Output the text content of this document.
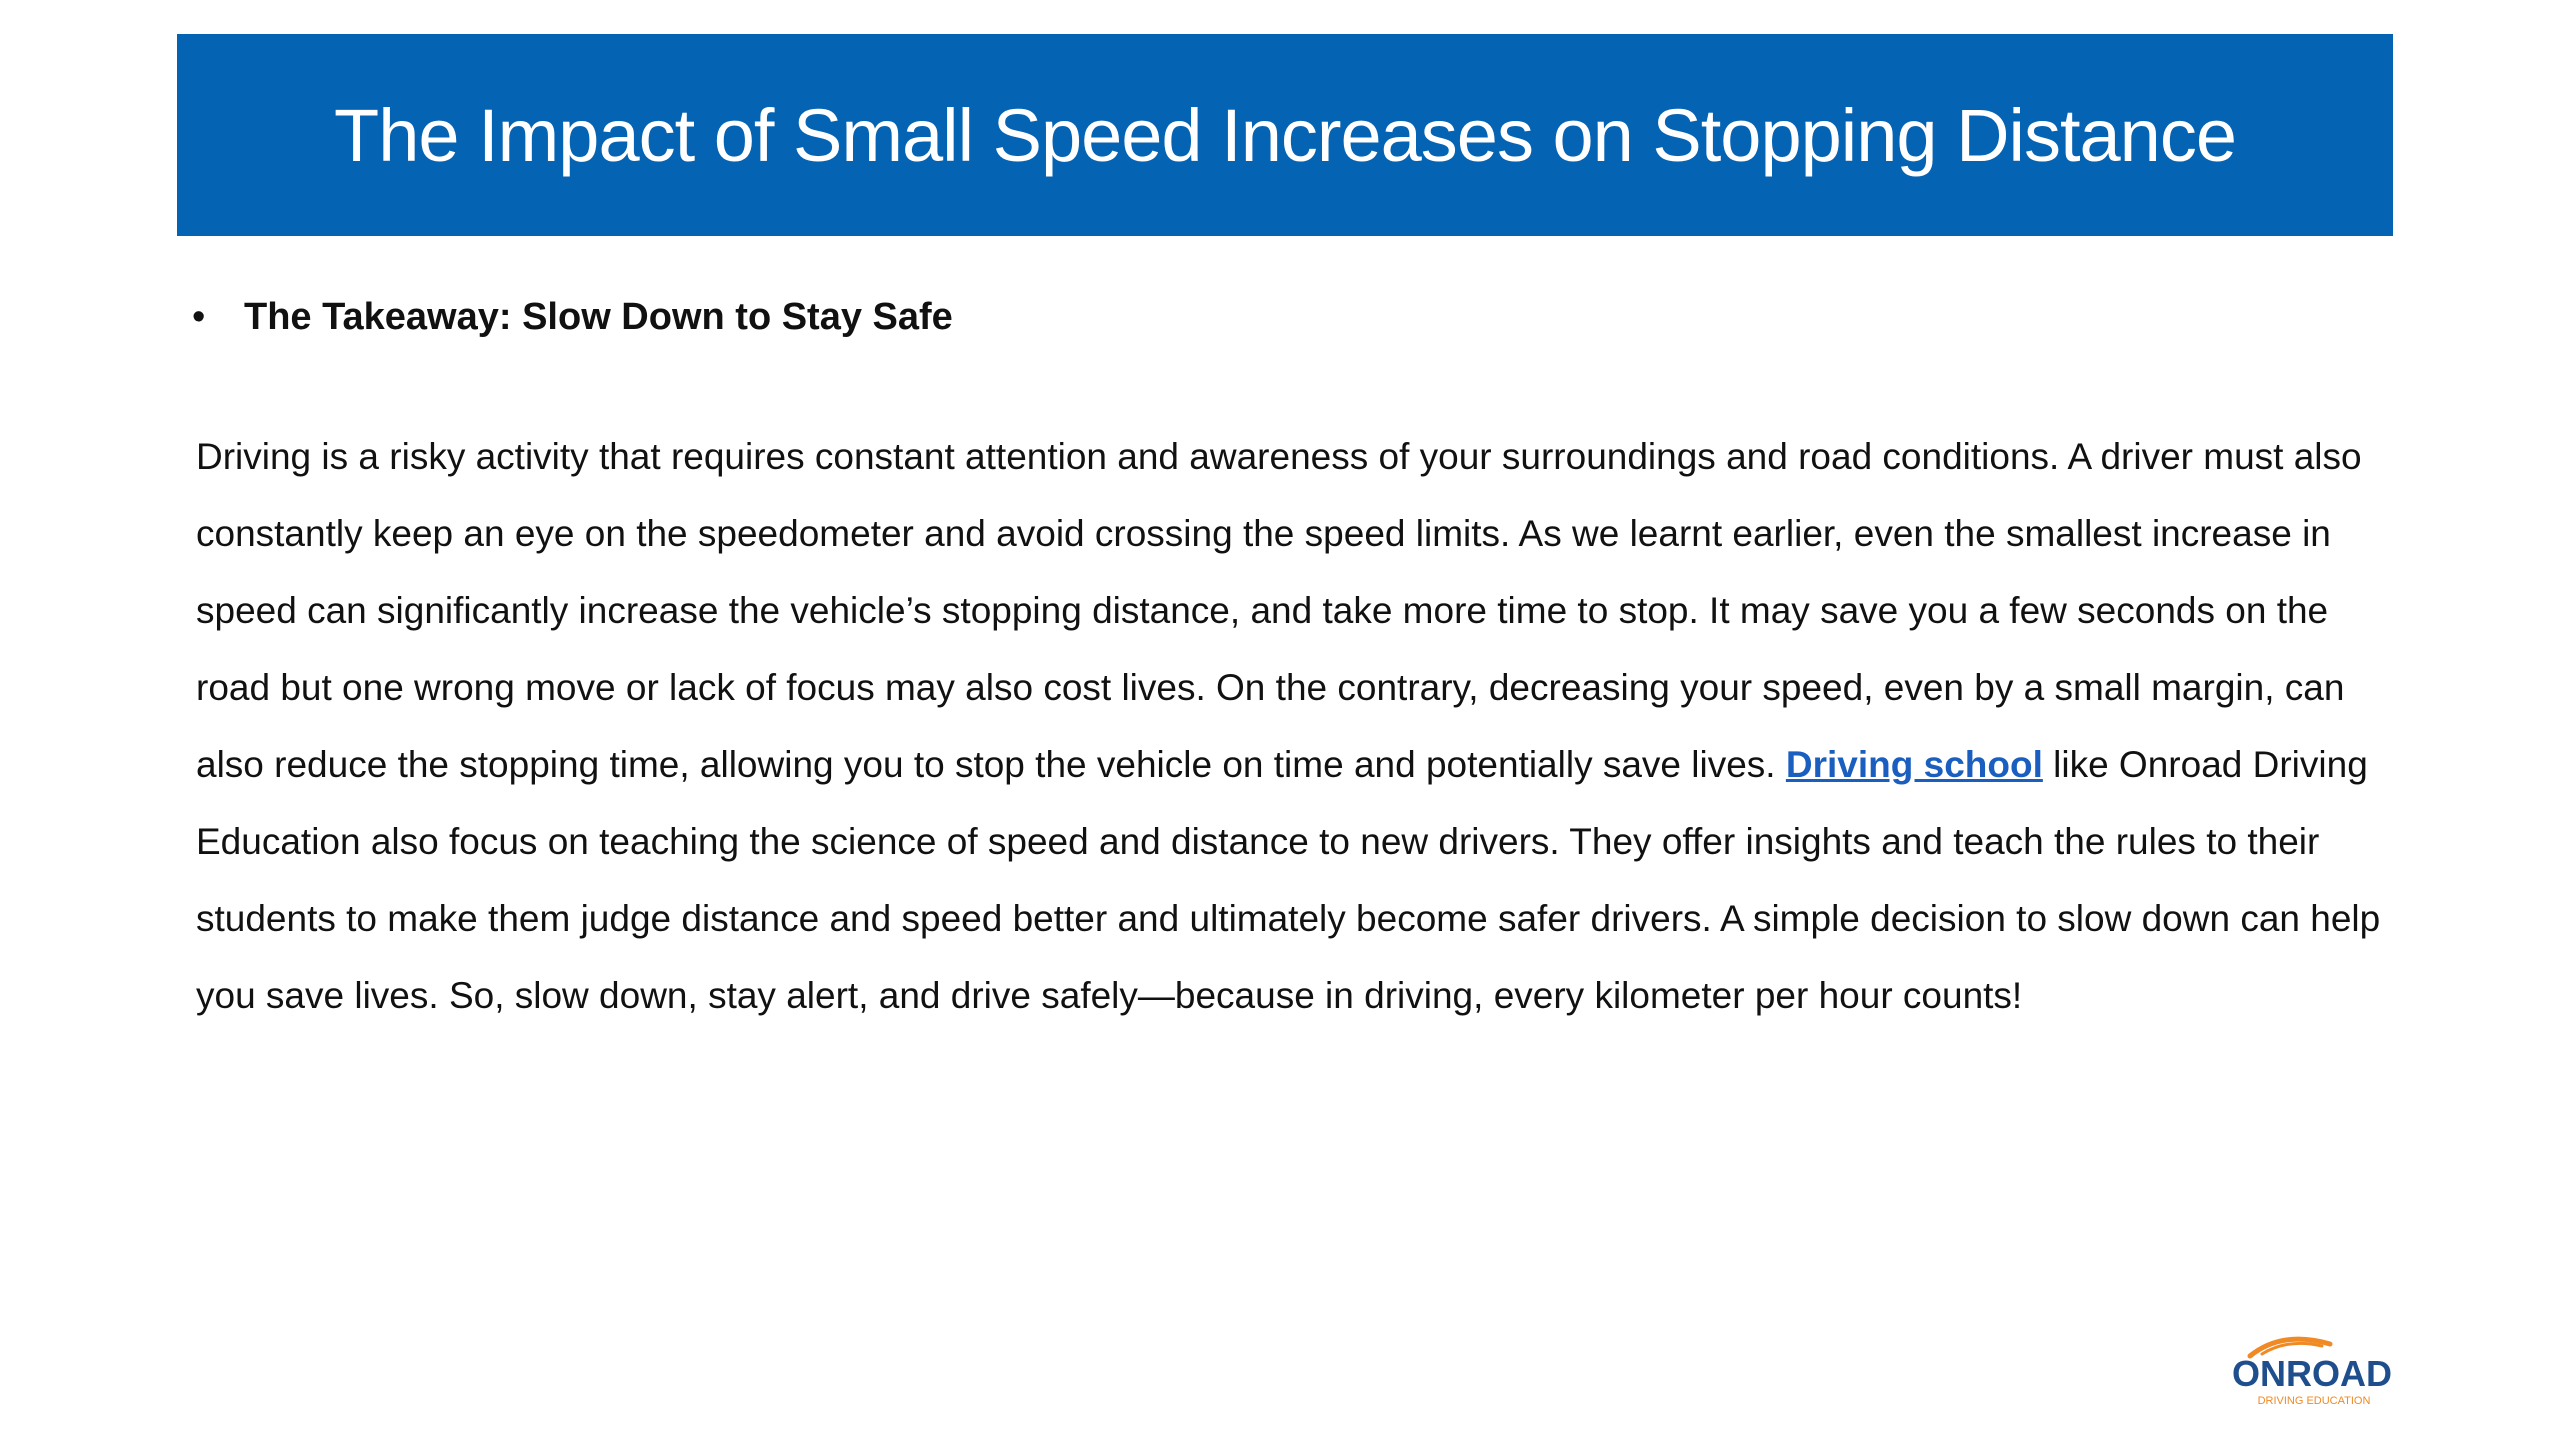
The Impact of Small Speed Increases on Stopping Distance
•	The Takeaway: Slow Down to Stay Safe
Driving is a risky activity that requires constant attention and awareness of your surroundings and road conditions. A driver must also constantly keep an eye on the speedometer and avoid crossing the speed limits. As we learnt earlier, even the smallest increase in speed can significantly increase the vehicle’s stopping distance, and take more time to stop. It may save you a few seconds on the road but one wrong move or lack of focus may also cost lives. On the contrary, decreasing your speed, even by a small margin, can also reduce the stopping time, allowing you to stop the vehicle on time and potentially save lives. Driving school like Onroad Driving Education also focus on teaching the science of speed and distance to new drivers. They offer insights and teach the rules to their students to make them judge distance and speed better and ultimately become safer drivers. A simple decision to slow down can help you save lives. So, slow down, stay alert, and drive safely—because in driving, every kilometer per hour counts!
ONROAD
DRIVING EDUCATION
